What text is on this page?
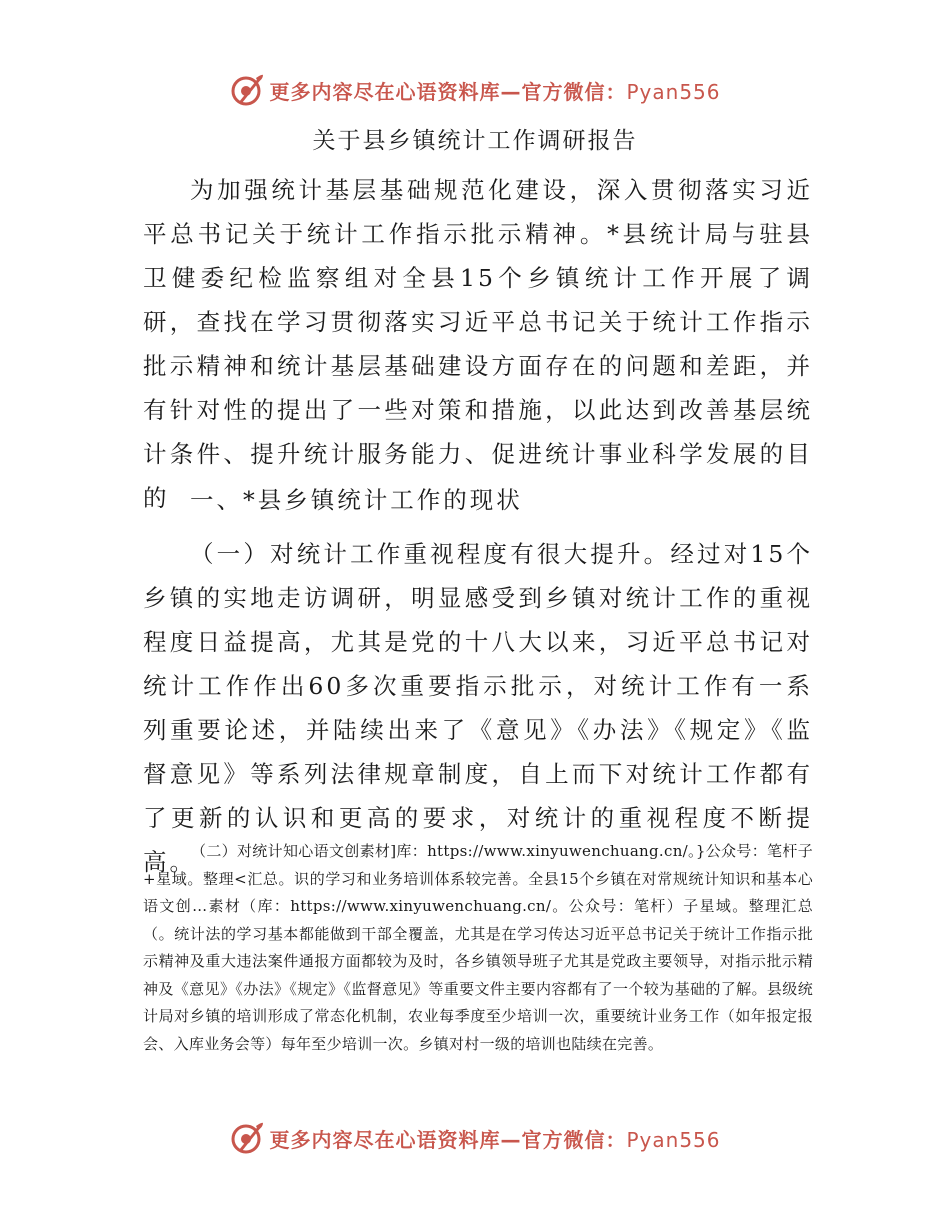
更多内容尽在心语资料库—官方微信：Pyan556
关于县乡镇统计工作调研报告

为加强统计基层基础规范化建设，深入贯彻落实习近平总书记关于统计工作指示批示精神。*县统计局与驻县卫健委纪检监察组对全县15个乡镇统计工作开展了调研，查找在学习贯彻落实习近平总书记关于统计工作指示批示精神和统计基层基础建设方面存在的问题和差距，并有针对性的提出了一些对策和措施，以此达到改善基层统计条件、提升统计服务能力、促进统计事业科学发展的目的 一、*县乡镇统计工作的现状

（一）对统计工作重视程度有很大提升。经过对15个乡镇的实地走访调研，明显感受到乡镇对统计工作的重视程度日益提高，尤其是党的十八大以来，习近平总书记对统计工作作出60多次重要指示批示，对统计工作有一系列重要论述，并陆续出来了《意见》《办法》《规定》《监督意见》等系列法律规章制度，自上而下对统计工作都有了更新的认识和更高的要求，对统计的重视程度不断提高。

（二）对统计知心语文创素材]库：https://www.xinyuwenchuang.cn/。}公众号：笔杆子+星域。整理<汇总。识的学习和业务培训体系较完善。全县15个乡镇在对常规统计知识和基本心语文创…素材（库：https://www.xinyuwenchuang.cn/。公众号：笔杆）子星域。整理汇总（。统计法的学习基本都能做到干部全覆盖，尤其是在学习传达习近平总书记关于统计工作指示批示精神及重大违法案件通报方面都较为及时，各乡镇领导班子尤其是党政主要领导，对指示批示精神及《意见》《办法》《规定》《监督意见》等重要文件主要内容都有了一个较为基础的了解。县级统计局对乡镇的培训形成了常态化机制，农业每季度至少培训一次，重要统计业务工作（如年报定报会、入库业务会等）每年至少培训一次。乡镇对村一级的培训也陆续在完善。

更多内容尽在心语资料库—官方微信：Pyan556
